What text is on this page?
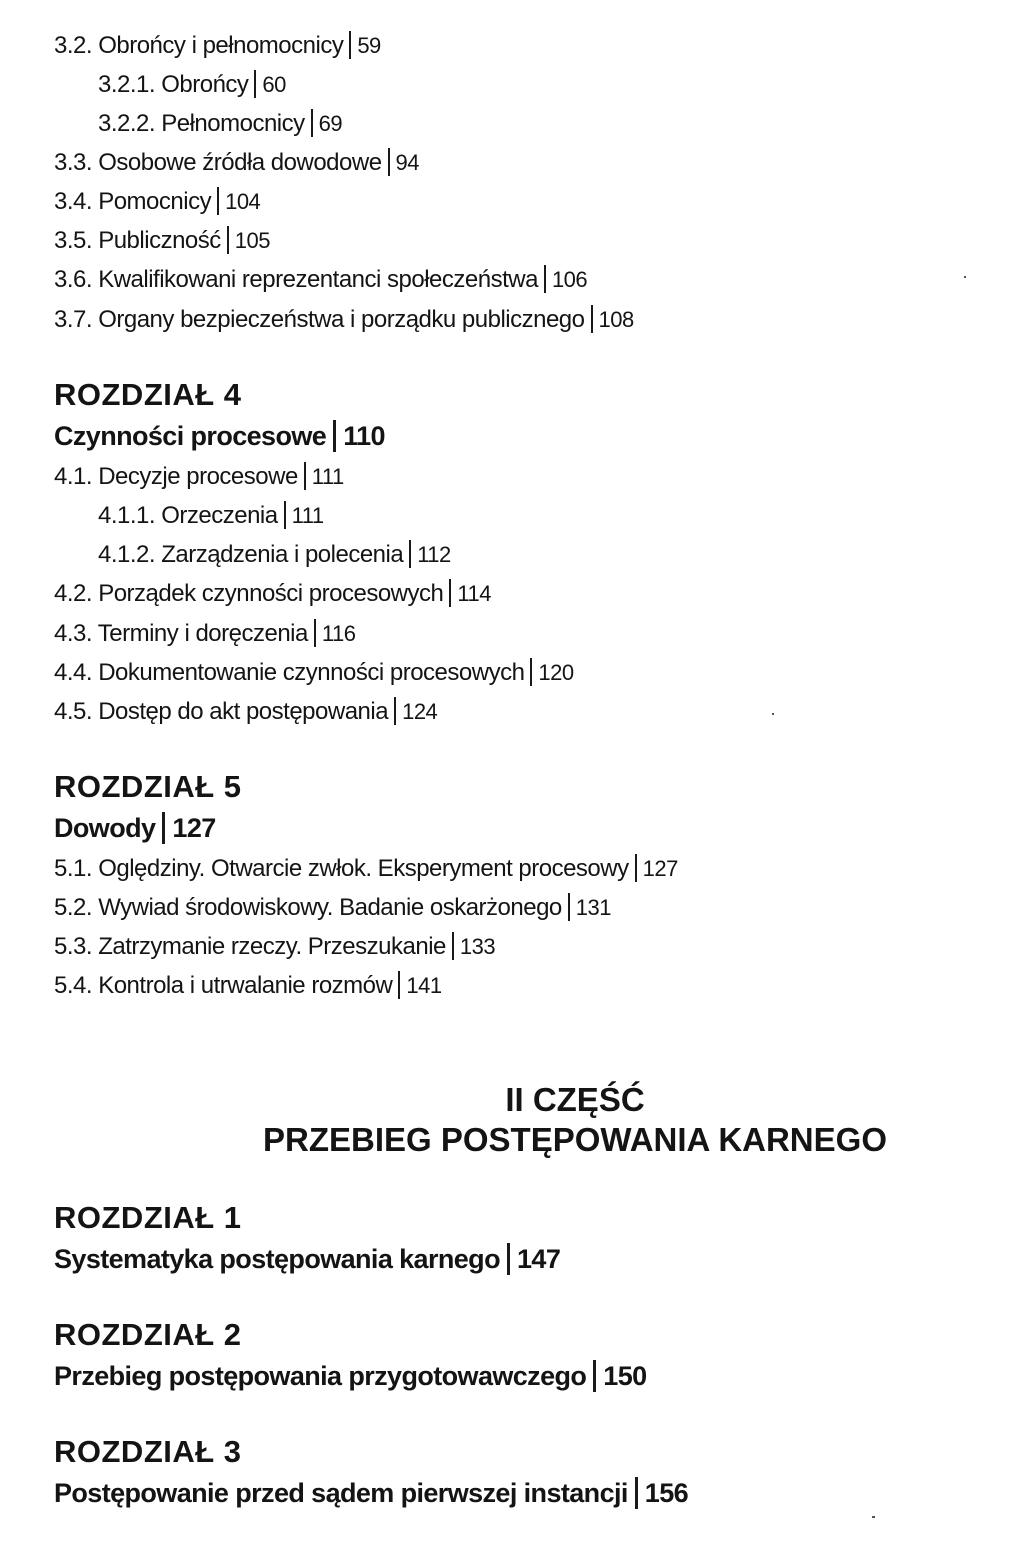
3.2. Obrońcy i pełnomocnicy 59
3.2.1. Obrońcy 60
3.2.2. Pełnomocnicy 69
3.3. Osobowe źródła dowodowe 94
3.4. Pomocnicy 104
3.5. Publiczność 105
3.6. Kwalifikowani reprezentanci społeczeństwa 106
3.7. Organy bezpieczeństwa i porządku publicznego 108
ROZDZIAŁ 4
Czynności procesowe 110
4.1. Decyzje procesowe 111
4.1.1. Orzeczenia 111
4.1.2. Zarządzenia i polecenia 112
4.2. Porządek czynności procesowych 114
4.3. Terminy i doręczenia 116
4.4. Dokumentowanie czynności procesowych 120
4.5. Dostęp do akt postępowania 124
ROZDZIAŁ 5
Dowody 127
5.1. Oględziny. Otwarcie zwłok. Eksperyment procesowy 127
5.2. Wywiad środowiskowy. Badanie oskarżonego 131
5.3. Zatrzymanie rzeczy. Przeszukanie 133
5.4. Kontrola i utrwalanie rozmów 141
II CZĘŚĆ
PRZEBIEG POSTĘPOWANIA KARNEGO
ROZDZIAŁ 1
Systematyka postępowania karnego 147
ROZDZIAŁ 2
Przebieg postępowania przygotowawczego 150
ROZDZIAŁ 3
Postępowanie przed sądem pierwszej instancji 156
